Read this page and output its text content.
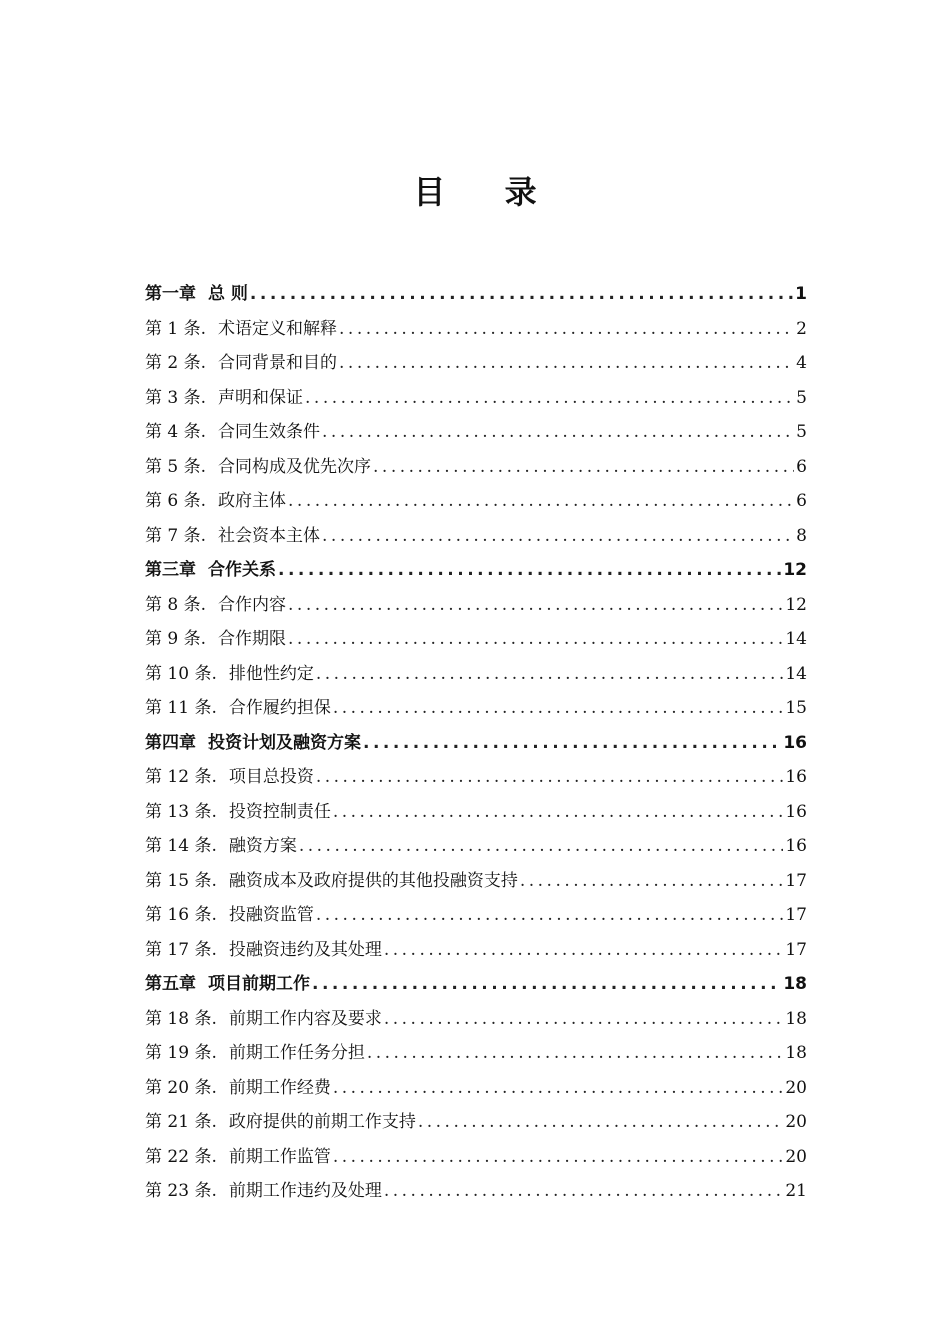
目 录
第一章 总 则 .....	1
第 1 条. 术语定义和解释 .....	2
第 2 条. 合同背景和目的 .....	4
第 3 条. 声明和保证 .....	5
第 4 条. 合同生效条件 .....	5
第 5 条. 合同构成及优先次序 .....	6
第 6 条. 政府主体 .....	6
第 7 条. 社会资本主体 .....	8
第三章 合作关系 .....	12
第 8 条. 合作内容 .....	12
第 9 条. 合作期限 .....	14
第 10 条. 排他性约定 .....	14
第 11 条. 合作履约担保 .....	15
第四章 投资计划及融资方案 .....	16
第 12 条. 项目总投资 .....	16
第 13 条. 投资控制责任 .....	16
第 14 条. 融资方案 .....	16
第 15 条. 融资成本及政府提供的其他投融资支持 .....	17
第 16 条. 投融资监管 .....	17
第 17 条. 投融资违约及其处理 .....	17
第五章 项目前期工作 .....	18
第 18 条. 前期工作内容及要求 .....	18
第 19 条. 前期工作任务分担 .....	18
第 20 条. 前期工作经费 .....	20
第 21 条. 政府提供的前期工作支持 .....	20
第 22 条. 前期工作监管 .....	20
第 23 条. 前期工作违约及处理 .....	21
